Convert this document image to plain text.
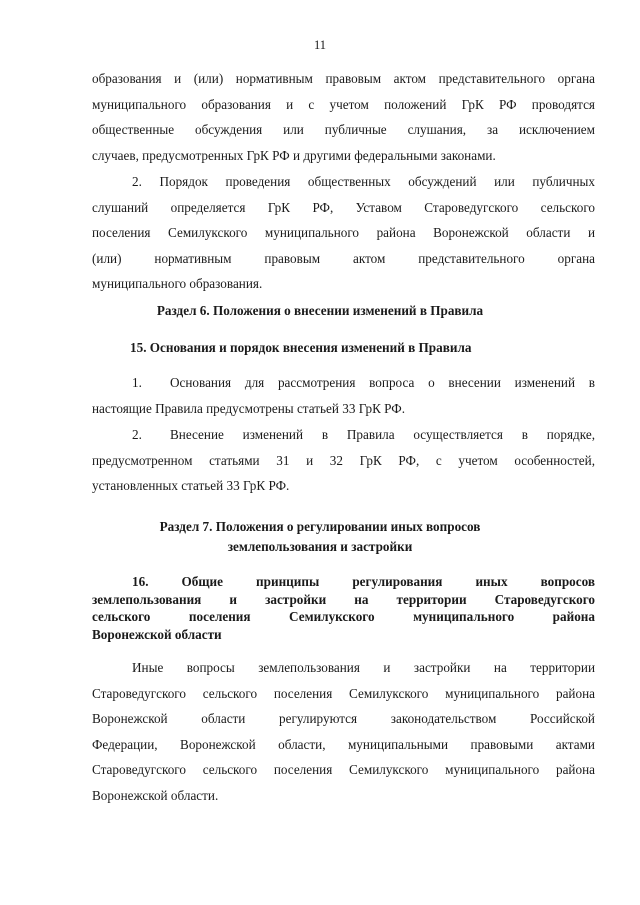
11
образования и (или) нормативным правовым актом представительного органа
муниципального образования и с учетом положений ГрК РФ проводятся
общественные обсуждения или публичные слушания, за исключением
случаев, предусмотренных ГрК РФ и другими федеральными законами.
2. Порядок проведения общественных обсуждений или публичных
слушаний определяется ГрК РФ, Уставом Староведугского сельского
поселения Семилукского муниципального района Воронежской области и
(или) нормативным правовым актом представительного органа
муниципального образования.
Раздел 6. Положения о внесении изменений в Правила
15. Основания и порядок внесения изменений в Правила
1. Основания для рассмотрения вопроса о внесении изменений в
настоящие Правила предусмотрены статьей 33 ГрК РФ.
2. Внесение изменений в Правила осуществляется в порядке,
предусмотренном статьями 31 и 32 ГрК РФ, с учетом особенностей,
установленных статьей 33 ГрК РФ.
Раздел 7. Положения о регулировании иных вопросов
землепользования и застройки
16. Общие принципы регулирования иных вопросов
землепользования и застройки на территории Староведугского
сельского поселения Семилукского муниципального района
Воронежской области
Иные вопросы землепользования и застройки на территории
Староведугского сельского поселения Семилукского муниципального района
Воронежской области регулируются законодательством Российской
Федерации, Воронежской области, муниципальными правовыми актами
Староведугского сельского поселения Семилукского муниципального района
Воронежской области.
